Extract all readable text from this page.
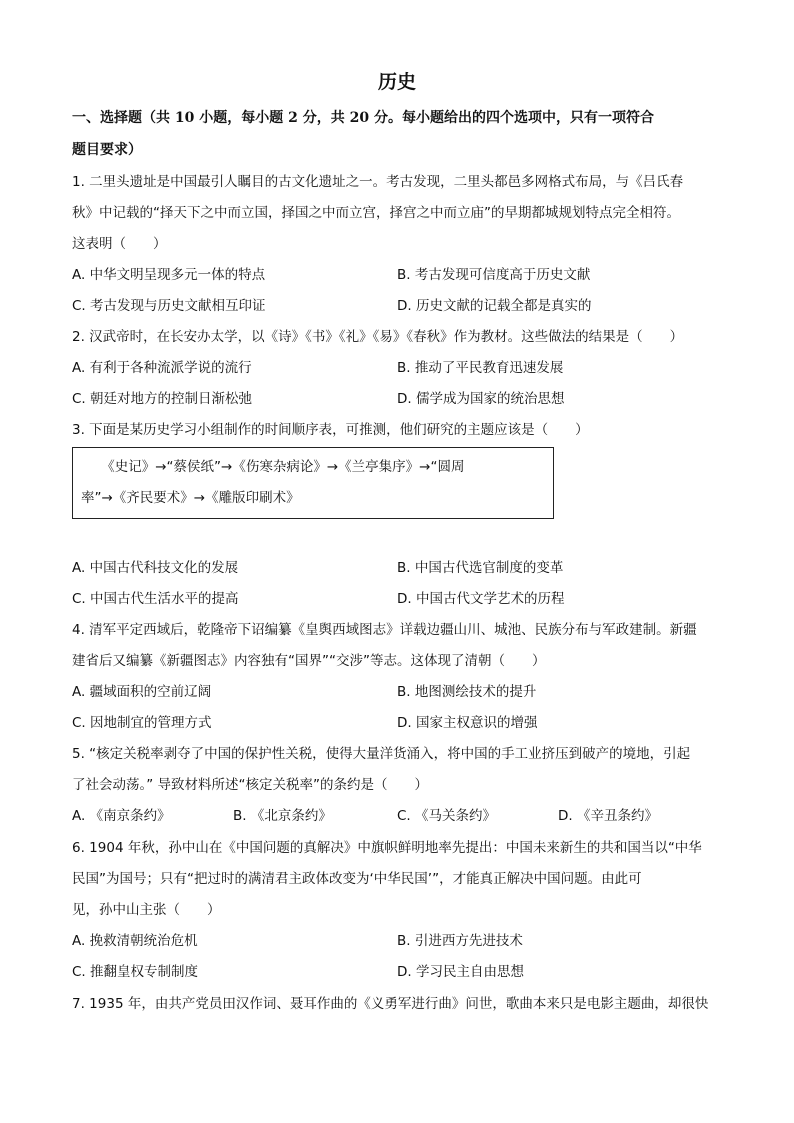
历史
一、选择题（共 10 小题，每小题 2 分，共 20 分。每小题给出的四个选项中，只有一项符合
题目要求）
1. 二里头遗址是中国最引人瞩目的古文化遗址之一。考古发现，二里头都邑多网格式布局，与《吕氏春
秋》中记载的“择天下之中而立国，择国之中而立宫，择宫之中而立庙”的早期都城规划特点完全相符。
这表明（　　）
A. 中华文明呈现多元一体的特点	B. 考古发现可信度高于历史文献
C. 考古发现与历史文献相互印证	D. 历史文献的记载全都是真实的
2. 汉武帝时，在长安办太学，以《诗》《书》《礼》《易》《春秋》作为教材。这些做法的结果是（　　）
A. 有利于各种流派学说的流行	B. 推动了平民教育迅速发展
C. 朝廷对地方的控制日渐松弛	D. 儒学成为国家的统治思想
3. 下面是某历史学习小组制作的时间顺序表，可推测，他们研究的主题应该是（　　）
　　《史记》→“蔡侯纸”→《伤寒杂病论》→《兰亭集序》→“圆周
率”→《齐民要术》→《雕版印刷术》
A. 中国古代科技文化的发展	B. 中国古代选官制度的变革
C. 中国古代生活水平的提高	D. 中国古代文学艺术的历程
4. 清军平定西域后，乾隆帝下诏编纂《皇舆西域图志》详载边疆山川、城池、民族分布与军政建制。新疆
建省后又编纂《新疆图志》内容独有“国界”“交涉”等志。这体现了清朝（　　）
A. 疆域面积的空前辽阔	B. 地图测绘技术的提升
C. 因地制宜的管理方式	D. 国家主权意识的增强
5. “核定关税率剥夺了中国的保护性关税，使得大量洋货涌入，将中国的手工业挤压到破产的境地，引起
了社会动荡。” 导致材料所述“核定关税率”的条约是（　　）
A. 《南京条约》	B. 《北京条约》	C. 《马关条约》	D. 《辛丑条约》
6. 1904 年秋，孙中山在《中国问题的真解决》中旗帜鲜明地率先提出：中国未来新生的共和国当以“中华
民国”为国号；只有“把过时的满清君主政体改变为‘中华民国’”，才能真正解决中国问题。由此可
见，孙中山主张（　　）
A. 挽救清朝统治危机	B. 引进西方先进技术
C. 推翻皇权专制制度	D. 学习民主自由思想
7. 1935 年，由共产党员田汉作词、聂耳作曲的《义勇军进行曲》问世，歌曲本来只是电影主题曲，却很快
